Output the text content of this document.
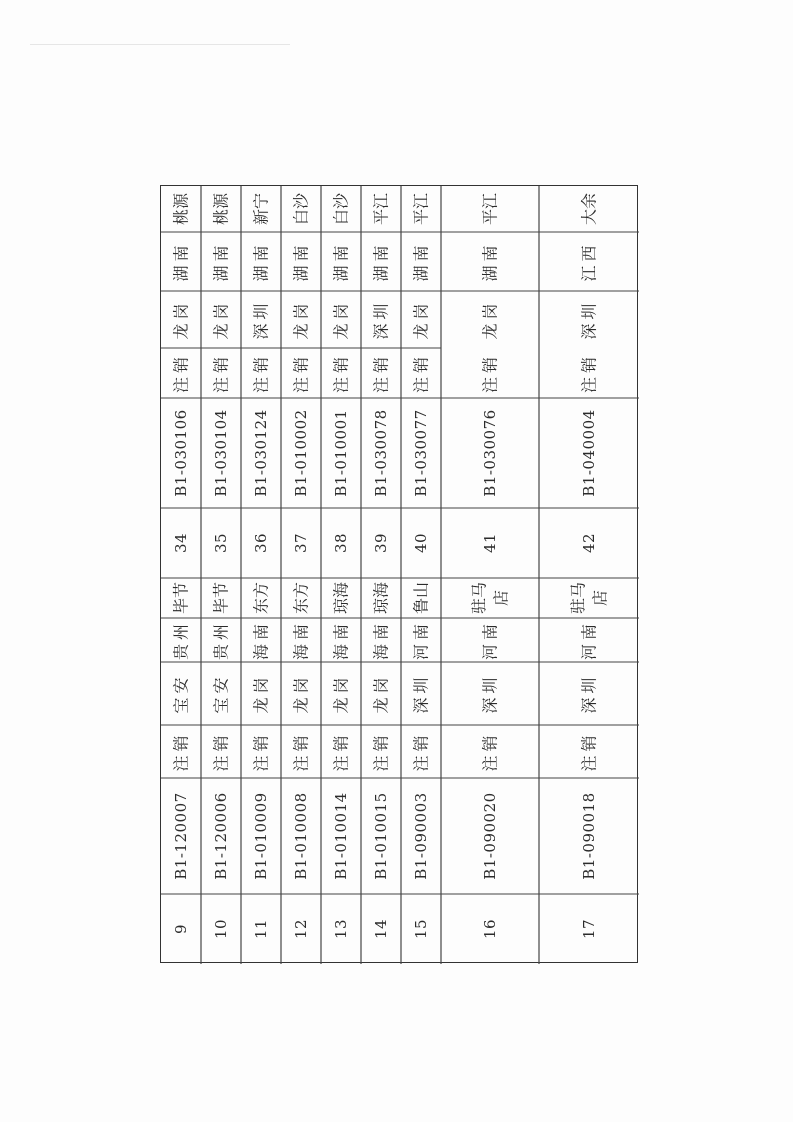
桃源
湖南
龙岗
注销
B1-030106
34
毕节
贵州
宝安
注销
B1-120007
9
桃源
湖南
龙岗
注销
B1-030104
35
毕节
贵州
宝安
注销
B1-120006
10
新宁
湖南
深圳
注销
B1-030124
36
东方
海南
龙岗
注销
B1-010009
11
白沙
湖南
龙岗
注销
B1-010002
37
东方
海南
龙岗
注销
B1-010008
12
白沙
湖南
龙岗
注销
B1-010001
38
琼海
海南
龙岗
注销
B1-010014
13
平江
湖南
深圳
注销
B1-030078
39
琼海
海南
龙岗
注销
B1-010015
14
平江
湖南
龙岗
注销
B1-030077
40
鲁山
河南
深圳
注销
B1-090003
15
平江
湖南
龙岗
注销
B1-030076
41
驻马 店
河南
深圳
注销
B1-090020
16
大余
江西
深圳
注销
B1-040004
42
驻马 店
河南
深圳
注销
B1-090018
17
